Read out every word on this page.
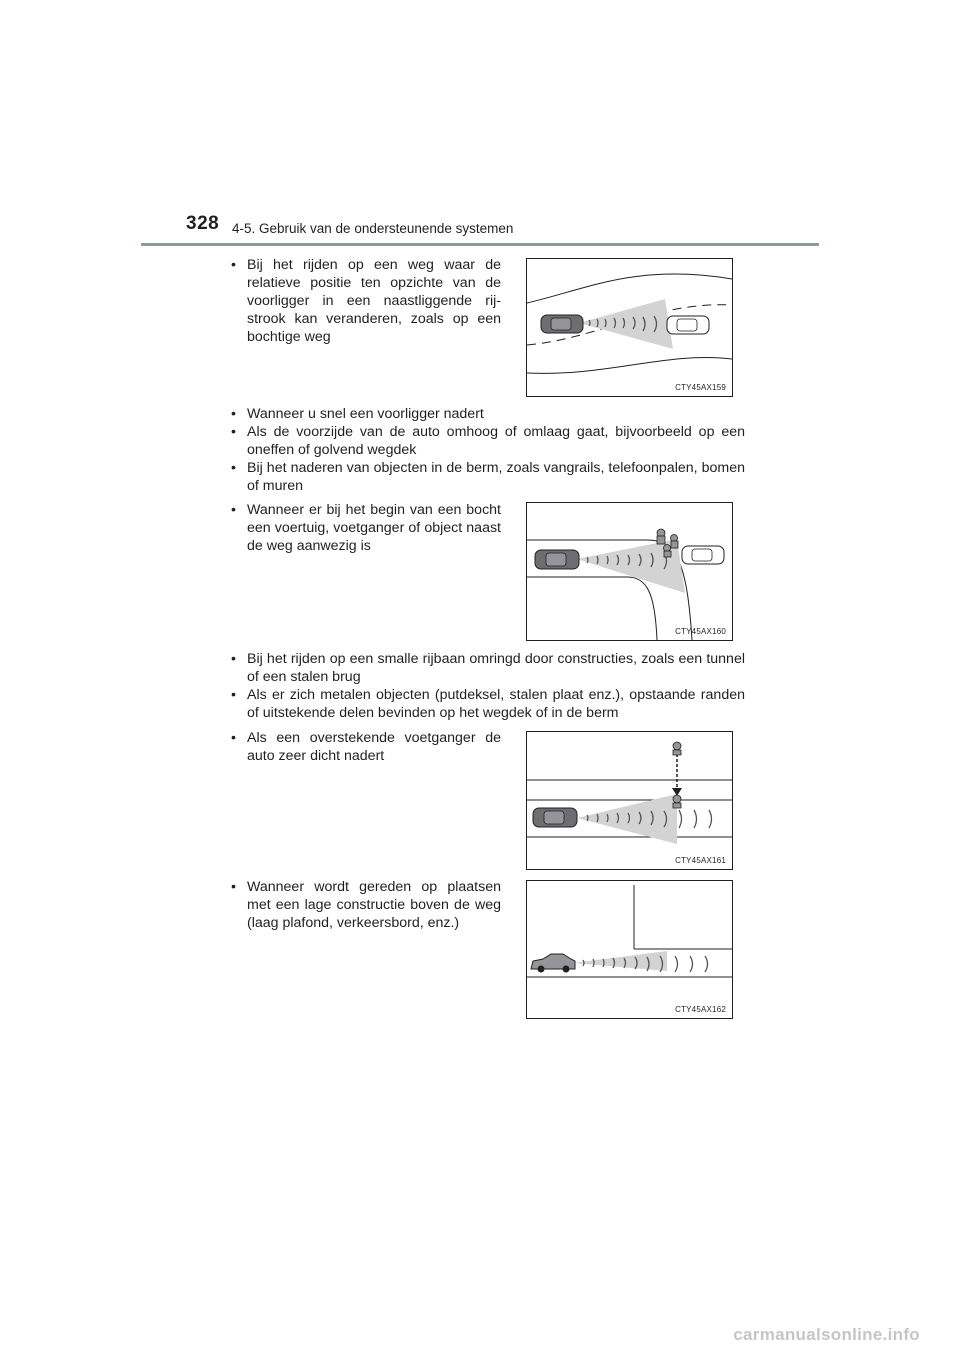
328 4-5. Gebruik van de ondersteunende systemen
• Bij het rijden op een weg waar de relatieve positie ten opzichte van de voorligger in een naastliggende rij-strook kan veranderen, zoals op een bochtige weg
CTY45AX159
• Wanneer u snel een voorligger nadert
• Als de voorzijde van de auto omhoog of omlaag gaat, bijvoorbeeld op een oneffen of golvend wegdek
• Bij het naderen van objecten in de berm, zoals vangrails, telefoonpalen, bomen of muren
• Wanneer er bij het begin van een bocht een voertuig, voetganger of object naast de weg aanwezig is
CTY45AX160
• Bij het rijden op een smalle rijbaan omringd door constructies, zoals een tunnel of een stalen brug
• Als er zich metalen objecten (putdeksel, stalen plaat enz.), opstaande randen of uitstekende delen bevinden op het wegdek of in de berm
• Als een overstekende voetganger de auto zeer dicht nadert
CTY45AX161
• Wanneer wordt gereden op plaatsen met een lage constructie boven de weg (laag plafond, verkeersbord, enz.)
CTY45AX162
carmanualsonline.info
